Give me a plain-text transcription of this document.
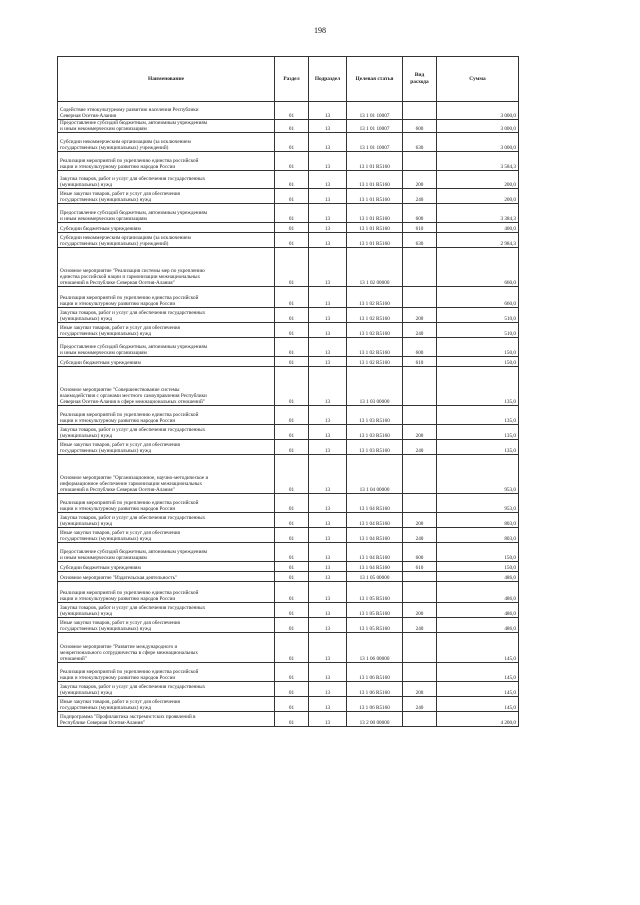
198
Наименование	Раздел	Подраздел	Целевая статья	Вид расхода	Сумма
Содействие этнокультурному развитию населения Республики
Северная Осетия-Алания	01	13	13 1 01 10007		3 000,0
Предоставление субсидий бюджетным, автономным учреждениям
и иным некоммерческим организациям	01	13	13 1 01 10007	600	3 000,0
Субсидии некоммерческим организациям (за исключением
государственных (муниципальных) учреждений)	01	13	13 1 01 10007	630	3 000,0
Реализация мероприятий по укреплению единства российской
нации и этнокультурному развитию народов России	01	13	13 1 01 R5160		3 584,3
Закупка товаров, работ и услуг для обеспечения государственных
(муниципальных) нужд	01	13	13 1 01 R5160	200	200,0
Иные закупки товаров, работ и услуг для обеспечения
государственных (муниципальных) нужд	01	13	13 1 01 R5160	240	200,0
Предоставление субсидий бюджетным, автономным учреждениям
и иным некоммерческим организациям	01	13	13 1 01 R5160	600	3 384,3
Субсидии бюджетным учреждениям	01	13	13 1 01 R5160	610	400,0
Субсидии некоммерческим организациям (за исключением
государственных (муниципальных) учреждений)	01	13	13 1 01 R5160	630	2 984,3
Основное мероприятие "Реализация системы мер по укреплению
единства российской нации и гармонизации межнациональных
отношений в Республике Северная Осетия-Алания"	01	13	13 1 02 00000		660,0
Реализация мероприятий по укреплению единства российской
нации и этнокультурному развитию народов России	01	13	13 1 02 R5160		660,0
Закупка товаров, работ и услуг для обеспечения государственных
(муниципальных) нужд	01	13	13 1 02 R5160	200	510,0
Иные закупки товаров, работ и услуг для обеспечения
государственных (муниципальных) нужд	01	13	13 1 02 R5160	240	510,0
Предоставление субсидий бюджетным, автономным учреждениям
и иным некоммерческим организациям	01	13	13 1 02 R5160	600	150,0
Субсидии бюджетным учреждениям	01	13	13 1 02 R5160	610	150,0
Основное мероприятие "Совершенствование системы
взаимодействия с органами местного самоуправления Республики
Северная Осетия-Алания в сфере межнациональных отношений"	01	13	13 1 03 00000		135,0
Реализация мероприятий по укреплению единства российской
нации и этнокультурному развитию народов России	01	13	13 1 03 R5160		135,0
Закупка товаров, работ и услуг для обеспечения государственных
(муниципальных) нужд	01	13	13 1 03 R5160	200	135,0
Иные закупки товаров, работ и услуг для обеспечения
государственных (муниципальных) нужд	01	13	13 1 03 R5160	240	135,0
Основное мероприятие "Организационное, научно-методическое и
информационное обеспечение гармонизации межнациональных
отношений в Республике Северная Осетия-Алания"	01	13	13 1 04 00000		953,0
Реализация мероприятий по укреплению единства российской
нации и этнокультурному развитию народов России	01	13	13 1 04 R5160		953,0
Закупка товаров, работ и услуг для обеспечения государственных
(муниципальных) нужд	01	13	13 1 04 R5160	200	803,0
Иные закупки товаров, работ и услуг для обеспечения
государственных (муниципальных) нужд	01	13	13 1 04 R5160	240	803,0
Предоставление субсидий бюджетным, автономным учреждениям
и иным некоммерческим организациям	01	13	13 1 04 R5160	600	150,0
Субсидии бюджетным учреждениям	01	13	13 1 04 R5160	610	150,0
Основное мероприятие "Издательская деятельность"	01	13	13 1 05 00000		486,0
Реализация мероприятий по укреплению единства российской
нации и этнокультурному развитию народов России	01	13	13 1 05 R5160		486,0
Закупка товаров, работ и услуг для обеспечения государственных
(муниципальных) нужд	01	13	13 1 05 R5160	200	486,0
Иные закупки товаров, работ и услуг для обеспечения
государственных (муниципальных) нужд	01	13	13 1 05 R5160	240	486,0
Основное мероприятие "Развитие международного и
межрегионального сотрудничества в сфере межнациональных
отношений"	01	13	13 1 06 00000		145,0
Реализация мероприятий по укреплению единства российской
нации и этнокультурному развитию народов России	01	13	13 1 06 R5160		145,0
Закупка товаров, работ и услуг для обеспечения государственных
(муниципальных) нужд	01	13	13 1 06 R5160	200	145,0
Иные закупки товаров, работ и услуг для обеспечения
государственных (муниципальных) нужд	01	13	13 1 06 R5160	240	145,0
Подпрограмма "Профилактика экстремистских проявлений в
Республике Северная Осетия-Алания"	01	13	13 2 00 00000		4 200,0
